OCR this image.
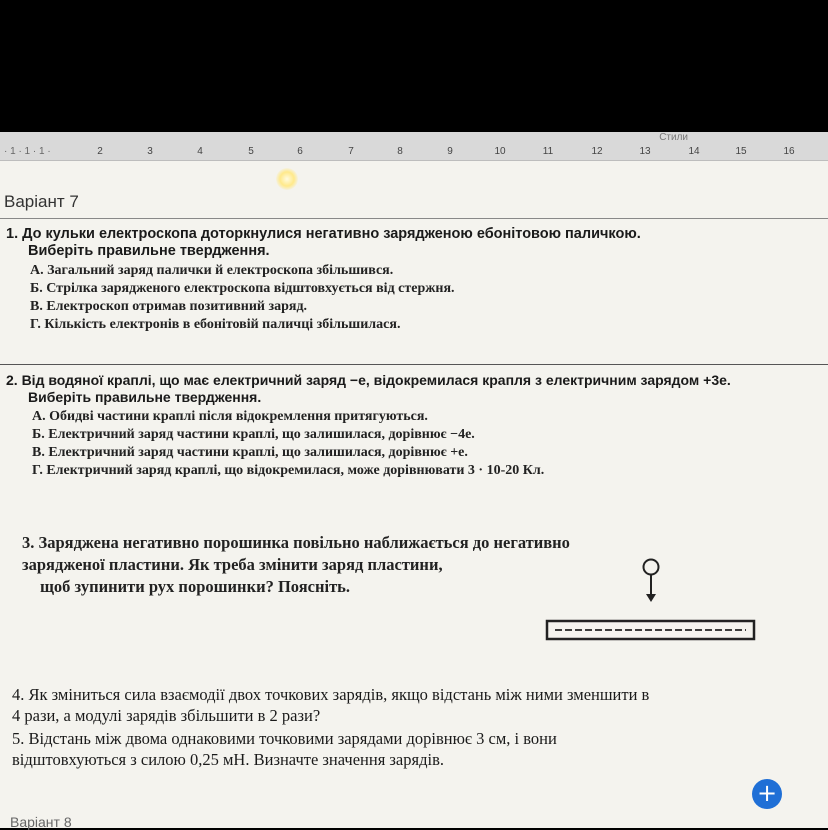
· 1 · 1 · 1 ·
Стили
2	3	4	5	6	7	8	9	10	11	12	13	14	15	16
Варіант 7
1. До кульки електроскопа доторкнулися негативно зарядженою ебонітовою паличкою.
Виберіть правильне твердження.
А. Загальний заряд палички й електроскопа збільшився.
Б. Стрілка зарядженого електроскопа відштовхується від стержня.
В. Електроскоп отримав позитивний заряд.
Г. Кількість електронів в ебонітовій паличці збільшилася.
2. Від водяної краплі, що має електричний заряд −e, відокремилася крапля з електричним зарядом +3e.
Виберіть правильне твердження.
А. Обидві частини краплі після відокремлення притягуються.
Б. Електричний заряд частини краплі, що залишилася, дорівнює −4e.
В. Електричний заряд частини краплі, що залишилася, дорівнює +e.
Г. Електричний заряд краплі, що відокремилася, може дорівнювати 3 · 10-20 Кл.
3. Заряджена негативно порошинка повільно наближається до негативно
зарядженої пластини. Як треба змінити заряд пластини,
щоб зупинити рух порошинки? Поясніть.
4. Як зміниться сила взаємодії двох точкових зарядів, якщо відстань між ними зменшити в
4 рази, а модулі зарядів збільшити в 2 рази?
5. Відстань між двома однаковими точковими зарядами дорівнює 3 см, і вони
відштовхуються з силою 0,25 мН. Визначте значення зарядів.
+
Варіант 8
